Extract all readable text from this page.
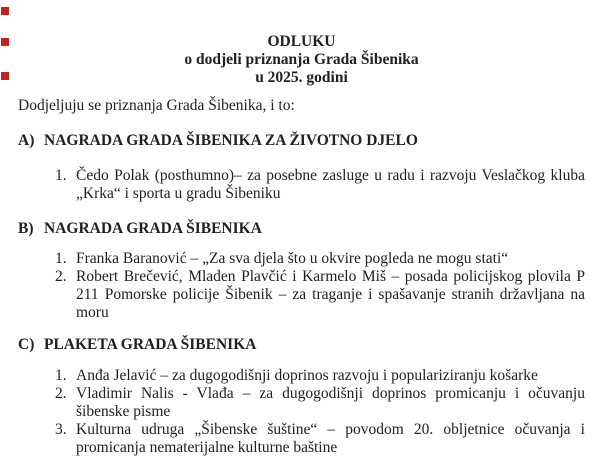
ODLUKU
o dodjeli priznanja Grada Šibenika
u 2025. godini
Dodjeljuju se priznanja Grada Šibenika, i to:
A) NAGRADA GRADA ŠIBENIKA ZA ŽIVOTNO DJELO
1. Čedo Polak (posthumno)– za posebne zasluge u radu i razvoju Veslačkog kluba „Krka“ i sporta u gradu Šibeniku
B) NAGRADA GRADA ŠIBENIKA
1. Franka Baranović – „Za sva djela što u okvire pogleda ne mogu stati“
2. Robert Brečević, Mladen Plavčić i Karmelo Miš – posada policijskog plovila P 211 Pomorske policije Šibenik – za traganje i spašavanje stranih državljana na moru
C) PLAKETA GRADA ŠIBENIKA
1. Anđa Jelavić – za dugogodišnji doprinos razvoju i populariziranju košarke
2. Vladimir Nalis - Vlađa – za dugogodišnji doprinos promicanju i očuvanju šibenske pisme
3. Kulturna udruga „Šibenske šuštine“ – povodom 20. obljetnice očuvanja i promicanja nematerijalne kulturne baštine
